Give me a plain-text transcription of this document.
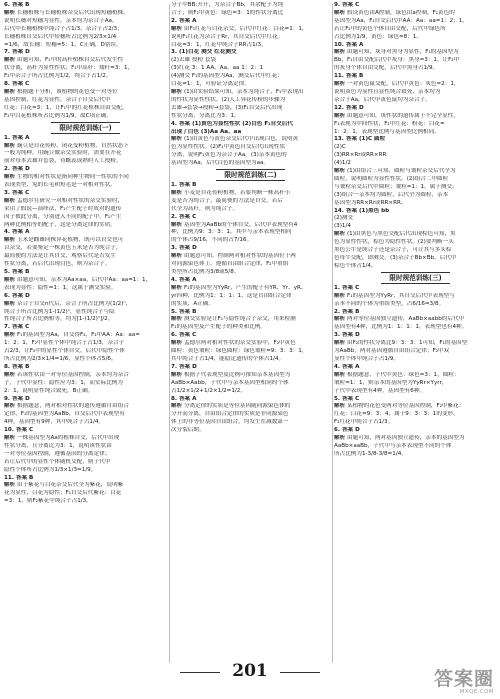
6. 答案 B
解析 长穗植株与长穗植株杂交后代出现短穗植株，
说明长穗对短穗为显性，亲本均为杂合子Aa，
后代中长穗植株中纯合子占1/3，杂合子占2/3；
长穗植株自交后代中短穗所占比例为2/3×1/4
=1/6，故长穗：短穗=5：1，C正确，D错误。
7. 答案 D
解析 由题可知，F₁中的高秆植株自交后代发生性
状分离，高秆为显性性状；F₁中高秆：矮秆=3：1，
F₂中杂合子所占比例为1/2，纯合子占1/2。
8. 答案 C
解析 根据题干分析，该植物的花色受一对等位
基因控制，红花为显性，杂合子自交后代中
红花：白花=3：1，让F₁中的红花植株自由交配，
F₂中白花植株所占比例为1/9，故C项正确。
限时规范训练(一)
1. 答案 A
解析 豌豆是自花传粉、闭花受粉植物，自然状态下
一般为纯种，用豌豆做杂交实验时，需要在开花
前对母本去雄并套袋，待雌蕊成熟时人工授粉。
2. 答案 D
解析 生物的相对性状是指同种生物同一性状的不同
表现类型，兔的长毛和短毛是一对相对性状。
3. 答案 C
解析 孟德尔在研究一对相对性状的杂交实验时，
采用了假说—演绎法，F₁产生配子时成对的遗传
因子彼此分离，分别进入不同的配子中，F₁产生
两种比例相等的配子，这是分离定律的实质。
4. 答案 A
解析 玉米是雌雄同株异花植物，既可以自交也可
以杂交，若要鉴定一株黄色玉米是否为纯合子，
最简便的方法是让其自交，观察后代是否发生
性状分离，若后代出现白色，则为杂合子。
5. 答案 B
解析 由题意可知，亲本为Aa×aa，后代中Aa：aa=1：1，
表现为显性：隐性=1：1，这属于测交实验。
6. 答案 D
解析 杂合子自交n代后，杂合子所占比例为(1/2)ⁿ，
纯合子所占比例为1-(1/2)ⁿ，显性纯合子与隐
性纯合子所占比例相等，均为[1-(1/2)ⁿ]/2。
7. 答案 C
解析 F₁的基因型为Aa，自交得F₂，F₂中AA：Aa：aa=
1：2：1，F₂中显性个体中纯合子占1/3，杂合子
占2/3，让F₂中的显性个体自交，后代中隐性个体
所占比例为2/3×1/4=1/6，显性个体占5/6。
8. 答案 B
解析 若该性状由一对等位基因控制，亲本均为杂合
子，子代中显性：隐性应为3：1，而实际比例为
2：1，说明显性纯合致死，B正确。
9. 答案 D
解析 根据题意，两对相对性状的遗传遵循自由组合
定律，F₁的基因型为AaBb，自交后代中表现型有
4种，基因型有9种，其中纯合子占1/4。
10. 答案 C
解析 一株基因型为Aa的植株自交，后代中出现
性状分离，且分离比为3：1，说明该性状由
一对等位基因控制，遵循基因的分离定律；
若让后代中的显性个体随机交配，则子代中
隐性个体所占比例为1/3×1/3=1/9。
11. 答案 B
解析 由于紫花与白花杂交后代全为紫花，说明紫
花为显性，白花为隐性；F₁自交后代紫花：白花
=3：1，则F₂紫花中纯合子占1/3。
分子中BB:开开，为杂合子Bb，其余配子为纯
合子；则F₁中黄色：绿色=3：1的性状分离比
2. 答案 A
解析 由F₁红花与白花杂交，后代中红花：白花=1：1，
说明F₁红花为杂合子Rr，其自交后代中红花：
白花=3：1，红花中纯合子RR占1/3。
3. (1)白花 测交 红花测交
(2)去雄 授粉 套袋
(3)红花 3：1 AA、Aa、aa 1：2：1
(4)测交 F₁的基因型为Aa，测交后代中红花：
白花=1：1，可验证分离定律。
解析 (1)由实验结果可知，亲本为纯合子，F₁中表现出
的性状为显性性状。(2)人工异花传粉的步骤为
去雄→套袋→授粉→套袋。(3)F₁自交后代出现
性状分离，分离比为3：1。
4. 答案 (1)黄色为显性性状 (2)白色 F₁自交后代
出现了白色 (3)Aa Aa、aa
解析 (1)由黄色与黄色杂交后代中出现白色，说明黄
色为显性性状。(2)F₁中黄色自交后代出现性状
分离，说明F₁黄色为杂合子Aa。(3)亲本黄色的
基因型为Aa，后代白色的基因型为aa。
限时规范训练(二)
1. 答案 B
解析 小麦是自花传粉植物，若要判断一株高秆小
麦是否为纯合子，最简便的方法是自交，若后
代全为高秆，则为纯合子。
2. 答案 C
解析 基因型为AaBb的个体自交，后代中表现型有4
种，比例为9：3：3：1，其中与亲本表现型相同
的个体占9/16，不同的占7/16。
3. 答案 D
解析 由题意可知，控制两对相对性状的基因位于两
对同源染色体上，遵循自由组合定律，F₂中重组
类型所占比例为3/8或5/8。
4. 答案 A
解析 F₁的基因型为YyRr，产生的配子有YR、Yr、yR、
yr四种，比例为1：1：1：1，这是自由组合定律
的实质，A正确。
5. 答案 B
解析 测交实验是让F₁与隐性纯合子杂交，用来检测
F₁的基因型及产生配子的种类和比例。
6. 答案 C
解析 孟德尔两对相对性状的杂交实验中，F₂中黄色
圆粒：黄色皱粒：绿色圆粒：绿色皱粒=9：3：3：1，
其中纯合子占1/4，能稳定遗传的个体占1/4。
7. 答案 D
解析 根据子代表现型及比例可推知亲本基因型为
AaBb×Aabb，子代中与亲本基因型相同的个体
占1/2×1/2+1/2×1/2=1/2。
8. 答案 A
解析 分离定律的实质是等位基因随同源染色体的
分开而分离，自由组合定律的实质是非同源染色
体上的非等位基因自由组合，均发生在减数第一
次分裂后期。
9. 答案 C
解析 假设黄色由A控制，绿色由a控制，F₁黄色的
基因型为Aa，F₁自交后代中AA：Aa：aa=1：2：1，
若让F₂中的黄色个体自由交配，后代中绿色所
占比例为1/9，黄色：绿色=8：1。
10. 答案 A
解析 由题可知，灰身对黑身为显性，F₁的基因型为
Bb，F₁自由交配后代中灰身：黑身=3：1，让F₂中
的灰身个体自由交配，后代中黑身占1/9。
11. 答案 B
解析 一对黄色鼠交配，后代中黄色：灰色=2：1，
说明黄色为显性且显性纯合致死，亲本均为
杂合子Aa，后代中黄色鼠均为杂合子。
12. 答案 D
解析 由题意可知，该性状的遗传属于不完全显性，
F₁表现为中间性状，F₂中红花：粉花：白花=
1：2：1，表现型比例与基因型比例相同。
13. 答案 (1)C 圆粒
(2)C
(3)RR×Rr或RR×RR
(4)1/2
解析 (1)由组合三可知，圆粒与皱粒杂交后代全为
圆粒，说明圆粒为显性性状。(2)组合二中圆粒
与皱粒杂交后代中圆粒：皱粒=1：1，属于测交。
(3)组合一亲本均为圆粒，后代全为圆粒，亲本
基因型为RR×Rr或RR×RR。
14. 答案 (1)黑色 bb
(2)测交
(3)1/4
解析 (1)由黑色与黑色交配后代出现棕色可知，黑
色为显性性状，棕色为隐性性状。(2)要判断一头
黑色公牛是纯合子还是杂合子，可让其与多头棕
色母牛交配，即测交。(3)杂合子Bb×Bb，后代中
棕色个体占1/4。
限时规范训练(三)
1. 答案 C
解析 F₁的基因型为YyRr，其自交后代中表现型与
亲本不同的个体为重组类型，占6/16=3/8。
2. 答案 B
解析 两对等位基因独立遗传，AaBb×aabb的后代中
基因型有4种，比例为1：1：1：1，表现型也有4种。
3. 答案 D
解析 由F₂的性状分离比9：3：3：1可知，F₁的基因型
为AaBb，两对基因遵循自由组合定律；F₂中双
显性个体中纯合子占1/9。
4. 答案 A
解析 根据题意，子代中黄色：绿色=3：1，圆粒：
皱粒=1：1，则亲本的基因型为YyRr×Yyrr，
子代中表现型有4种，基因型有6种。
5. 答案 C
解析 某植物的花色受两对等位基因控制，F₂中紫花：
红花：白花=9：3：4，属于9：3：3：1的变形，
F₂红花中纯合子占1/3。
6. 答案 D
解析 由题可知，两对基因独立遗传，亲本的基因型为
AaBb×aaBb，子代中与亲本表现型不同的个体
所占比例为1-3/8-3/8=1/4。
201	答案圈
MXQE.COM
